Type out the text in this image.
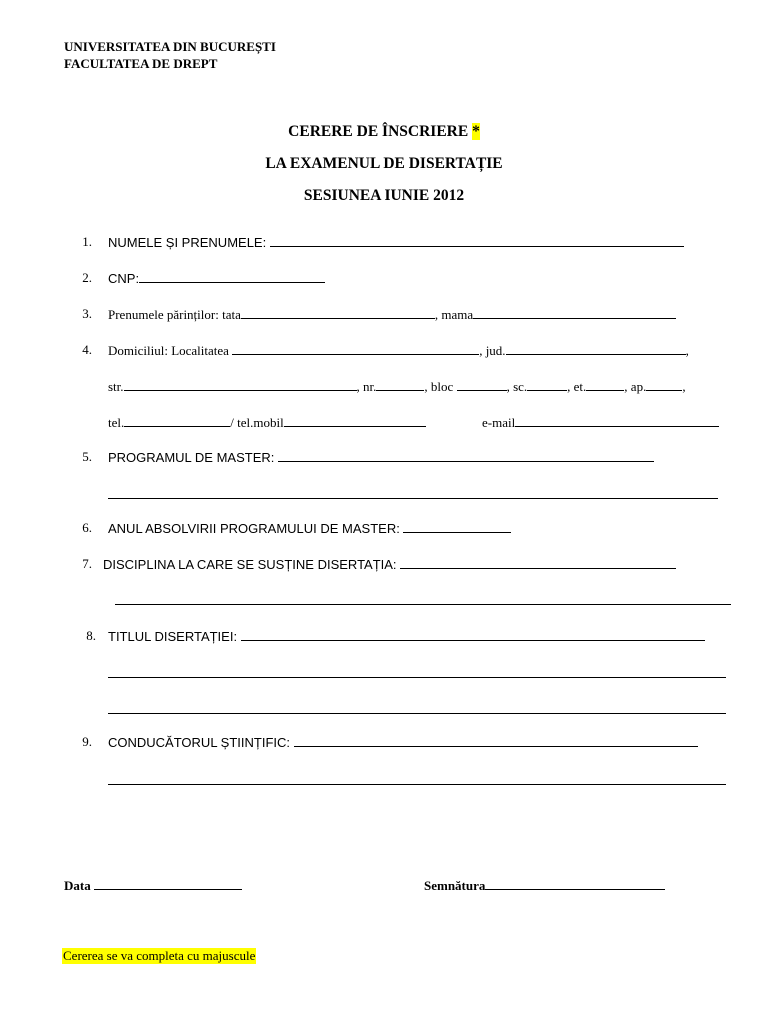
UNIVERSITATEA DIN BUCUREȘTI
FACULTATEA DE DREPT
CERERE DE ÎNSCRIERE *
LA EXAMENUL DE DISERTAȚIE
SESIUNEA IUNIE 2012
1. NUMELE ȘI PRENUMELE:
2. CNP:
3. Prenumele părinților: tata	, mama
4. Domiciliul: Localitatea	, jud.	,
str.	, nr.	, bloc	, sc.	, et.	, ap.	,
tel.	/ tel.mobil	e-mail
5. PROGRAMUL DE MASTER:
6. ANUL ABSOLVIRII PROGRAMULUI DE MASTER:
7. DISCIPLINA LA CARE SE SUSȚINE DISERTAȚIA:
8. TITLUL DISERTAȚIEI:
9. CONDUCĂTORUL ȘTIINȚIFIC:
Data	Semnătura
Cererea se va completa cu majuscule
